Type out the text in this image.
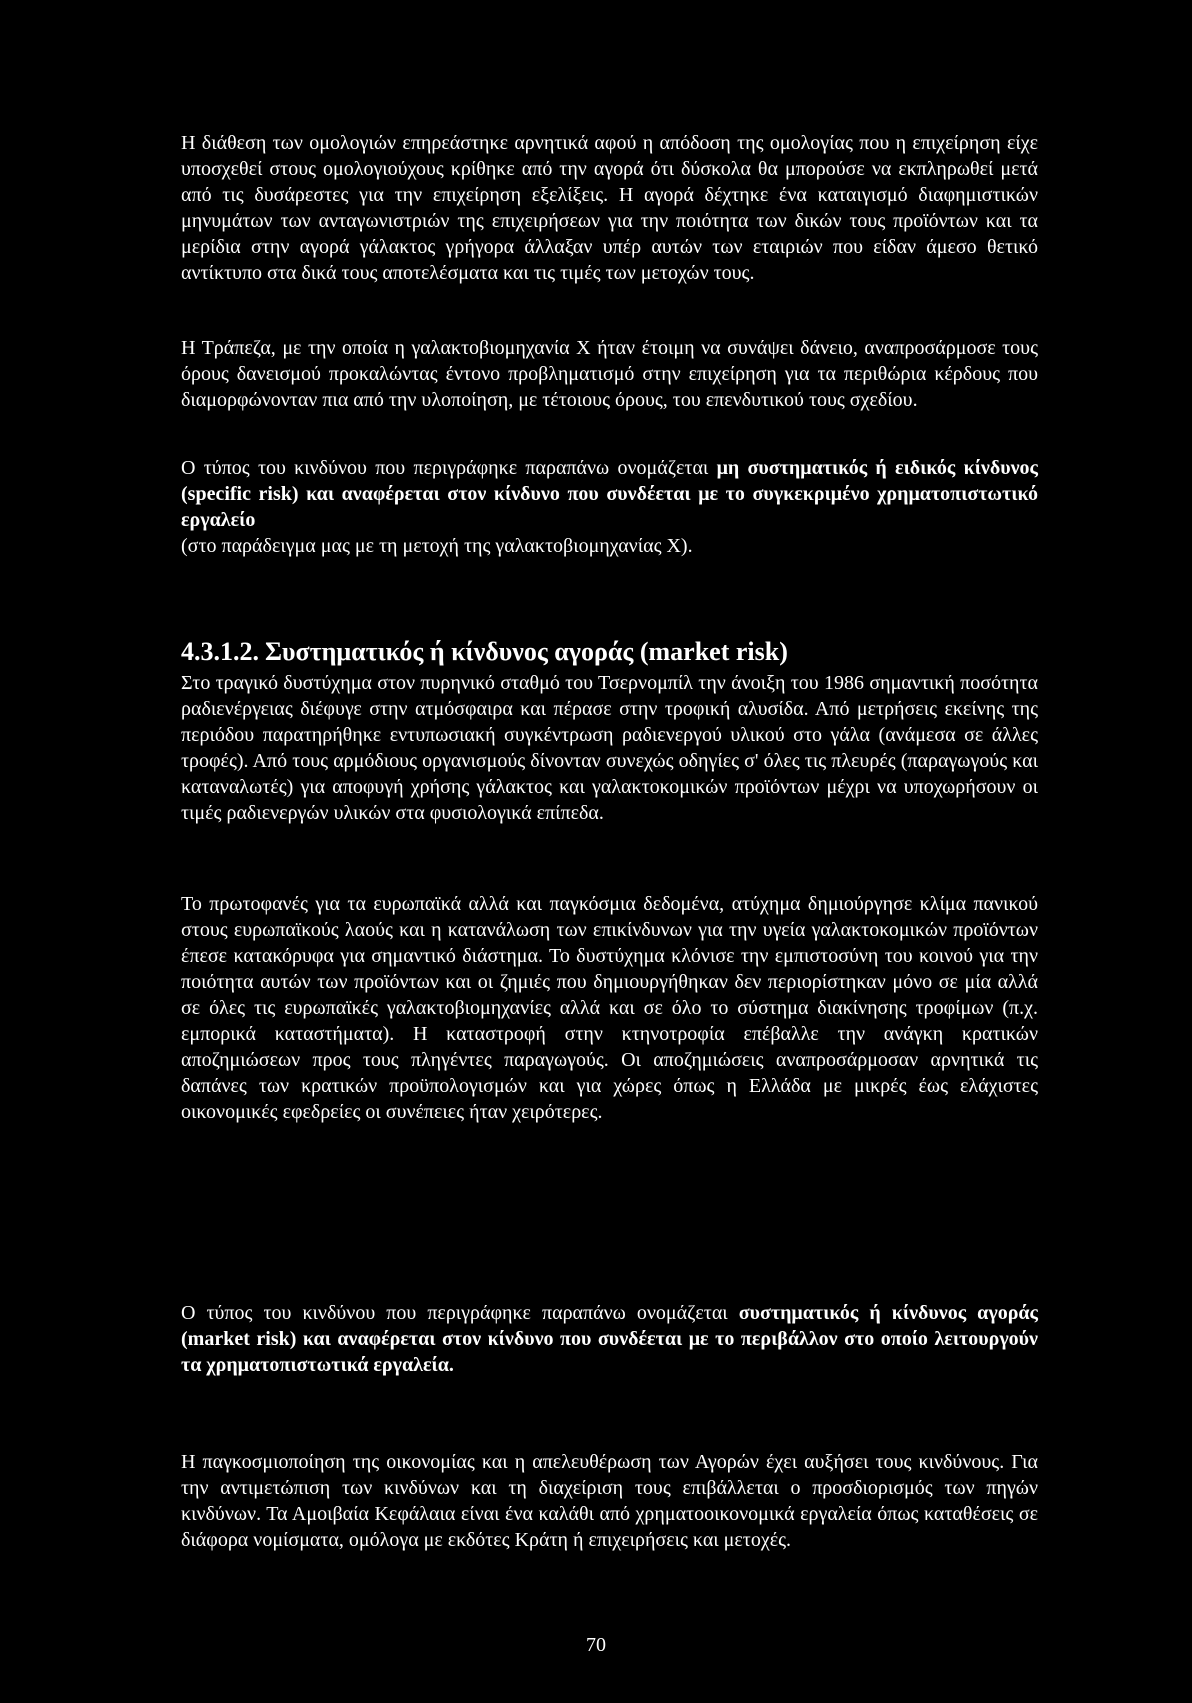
Η διάθεση των ομολογιών επηρεάστηκε αρνητικά αφού η απόδοση της ομολογίας που η επιχείρηση είχε υποσχεθεί στους ομολογιούχους κρίθηκε από την αγορά ότι δύσκολα θα μπορούσε να εκπληρωθεί μετά από τις δυσάρεστες για την επιχείρηση εξελίξεις. Η αγορά δέχτηκε ένα καταιγισμό διαφημιστικών μηνυμάτων των ανταγωνιστριών της επιχειρήσεων για την ποιότητα των δικών τους προϊόντων και τα μερίδια στην αγορά γάλακτος γρήγορα άλλαξαν υπέρ αυτών των εταιριών που είδαν άμεσο θετικό αντίκτυπο στα δικά τους αποτελέσματα και τις τιμές των μετοχών τους.

Η Τράπεζα, με την οποία η γαλακτοβιομηχανία Χ ήταν έτοιμη να συνάψει δάνειο, αναπροσάρμοσε τους όρους δανεισμού προκαλώντας έντονο προβληματισμό στην επιχείρηση για τα περιθώρια κέρδους που διαμορφώνονταν πια από την υλοποίηση, με τέτοιους όρους, του επενδυτικού τους σχεδίου.

Ο τύπος του κινδύνου που περιγράφηκε παραπάνω ονομάζεται μη συστηματικός ή ειδικός κίνδυνος (specific risk) και αναφέρεται στον κίνδυνο που συνδέεται με το συγκεκριμένο χρηματοπιστωτικό εργαλείο
(στο παράδειγμα μας με τη μετοχή της γαλακτοβιομηχανίας Χ).

4.3.1.2. Συστηματικός ή κίνδυνος αγοράς (market risk)

Στο τραγικό δυστύχημα στον πυρηνικό σταθμό του Τσερνομπίλ την άνοιξη του 1986 σημαντική ποσότητα ραδιενέργειας διέφυγε στην ατμόσφαιρα και πέρασε στην τροφική αλυσίδα. Από μετρήσεις εκείνης της περιόδου παρατηρήθηκε εντυπωσιακή συγκέντρωση ραδιενεργού υλικού στο γάλα (ανάμεσα σε άλλες τροφές). Από τους αρμόδιους οργανισμούς δίνονταν συνεχώς οδηγίες σ' όλες τις πλευρές (παραγωγούς και καταναλωτές) για αποφυγή χρήσης γάλακτος και γαλακτοκομικών προϊόντων μέχρι να υποχωρήσουν οι τιμές ραδιενεργών υλικών στα φυσιολογικά επίπεδα.

Το πρωτοφανές για τα ευρωπαϊκά αλλά και παγκόσμια δεδομένα, ατύχημα δημιούργησε κλίμα πανικού στους ευρωπαϊκούς λαούς και η κατανάλωση των επικίνδυνων για την υγεία γαλακτοκομικών προϊόντων έπεσε κατακόρυφα για σημαντικό διάστημα. Το δυστύχημα κλόνισε την εμπιστοσύνη του κοινού για την ποιότητα αυτών των προϊόντων και οι ζημιές που δημιουργήθηκαν δεν περιορίστηκαν μόνο σε μία αλλά σε όλες τις ευρωπαϊκές γαλακτοβιομηχανίες αλλά και σε όλο το σύστημα διακίνησης τροφίμων (π.χ. εμπορικά καταστήματα). Η καταστροφή στην κτηνοτροφία επέβαλλε την ανάγκη κρατικών αποζημιώσεων προς τους πληγέντες παραγωγούς. Οι αποζημιώσεις αναπροσάρμοσαν αρνητικά τις δαπάνες των κρατικών προϋπολογισμών και για χώρες όπως η Ελλάδα με μικρές έως ελάχιστες οικονομικές εφεδρείες οι συνέπειες ήταν χειρότερες.

Ο τύπος του κινδύνου που περιγράφηκε παραπάνω ονομάζεται συστηματικός ή κίνδυνος αγοράς (market risk) και αναφέρεται στον κίνδυνο που συνδέεται με το περιβάλλον στο οποίο λειτουργούν τα χρηματοπιστωτικά εργαλεία.

Η παγκοσμιοποίηση της οικονομίας και η απελευθέρωση των Αγορών έχει αυξήσει τους κινδύνους. Για την αντιμετώπιση των κινδύνων και τη διαχείριση τους επιβάλλεται ο προσδιορισμός των πηγών κινδύνων. Τα Αμοιβαία Κεφάλαια είναι ένα καλάθι από χρηματοοικονομικά εργαλεία όπως καταθέσεις σε διάφορα νομίσματα, ομόλογα με εκδότες Κράτη ή επιχειρήσεις και μετοχές.

70
